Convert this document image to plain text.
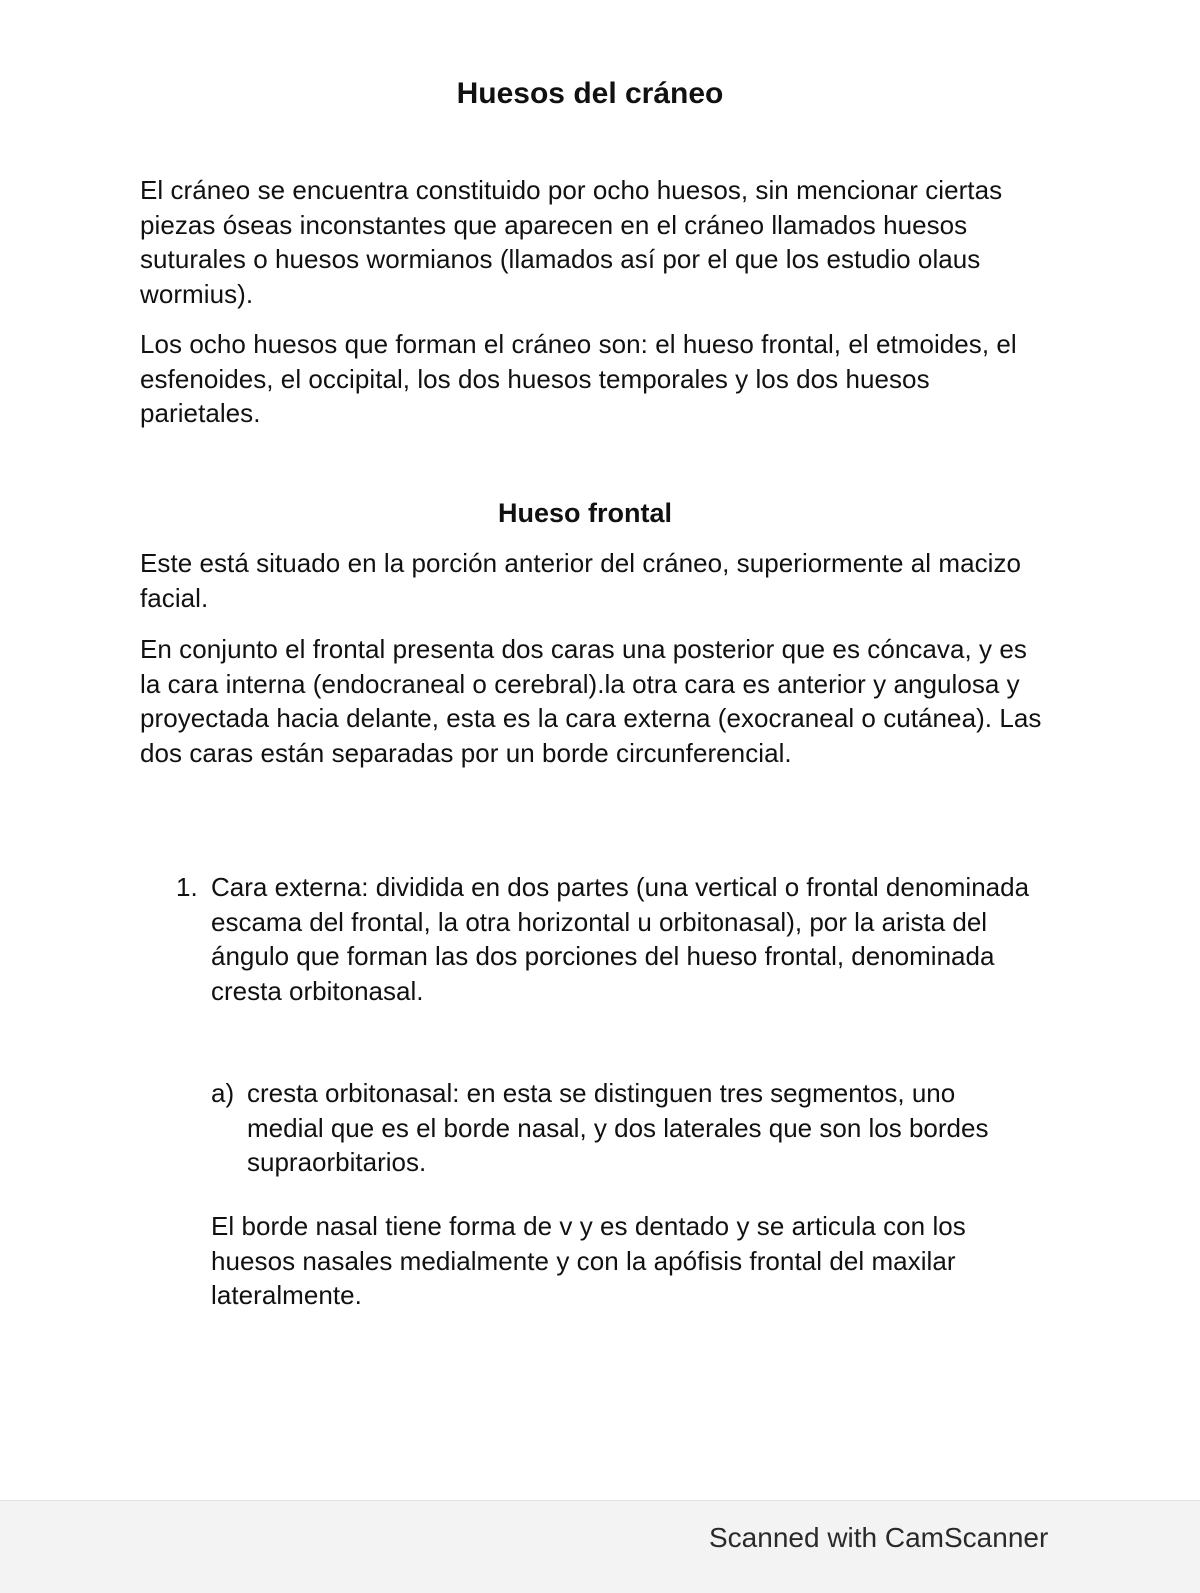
Huesos del cráneo

El cráneo se encuentra constituido por ocho huesos, sin mencionar ciertas piezas óseas inconstantes que aparecen en el cráneo llamados huesos suturales o huesos wormianos (llamados así por el que los estudio olaus wormius).

Los ocho huesos que forman el cráneo son: el hueso frontal, el etmoides, el esfenoides, el occipital, los dos huesos temporales y los dos huesos parietales.

Hueso frontal

Este está situado en la porción anterior del cráneo, superiormente al macizo facial.

En conjunto el frontal presenta dos caras una posterior que es cóncava, y es la cara interna (endocraneal o cerebral).la otra cara es anterior y angulosa y proyectada hacia delante, esta es la cara externa (exocraneal o cutánea). Las dos caras están separadas por un borde circunferencial.

1. Cara externa: dividida en dos partes (una vertical o frontal denominada escama del frontal, la otra horizontal u orbitonasal), por la arista del ángulo que forman las dos porciones del hueso frontal, denominada cresta orbitonasal.
a) cresta orbitonasal: en esta se distinguen tres segmentos, uno medial que es el borde nasal, y dos laterales que son los bordes supraorbitarios.

El borde nasal tiene forma de v y es dentado y se articula con los huesos nasales medialmente y con la apófisis frontal del maxilar lateralmente.

Scanned with CamScanner
